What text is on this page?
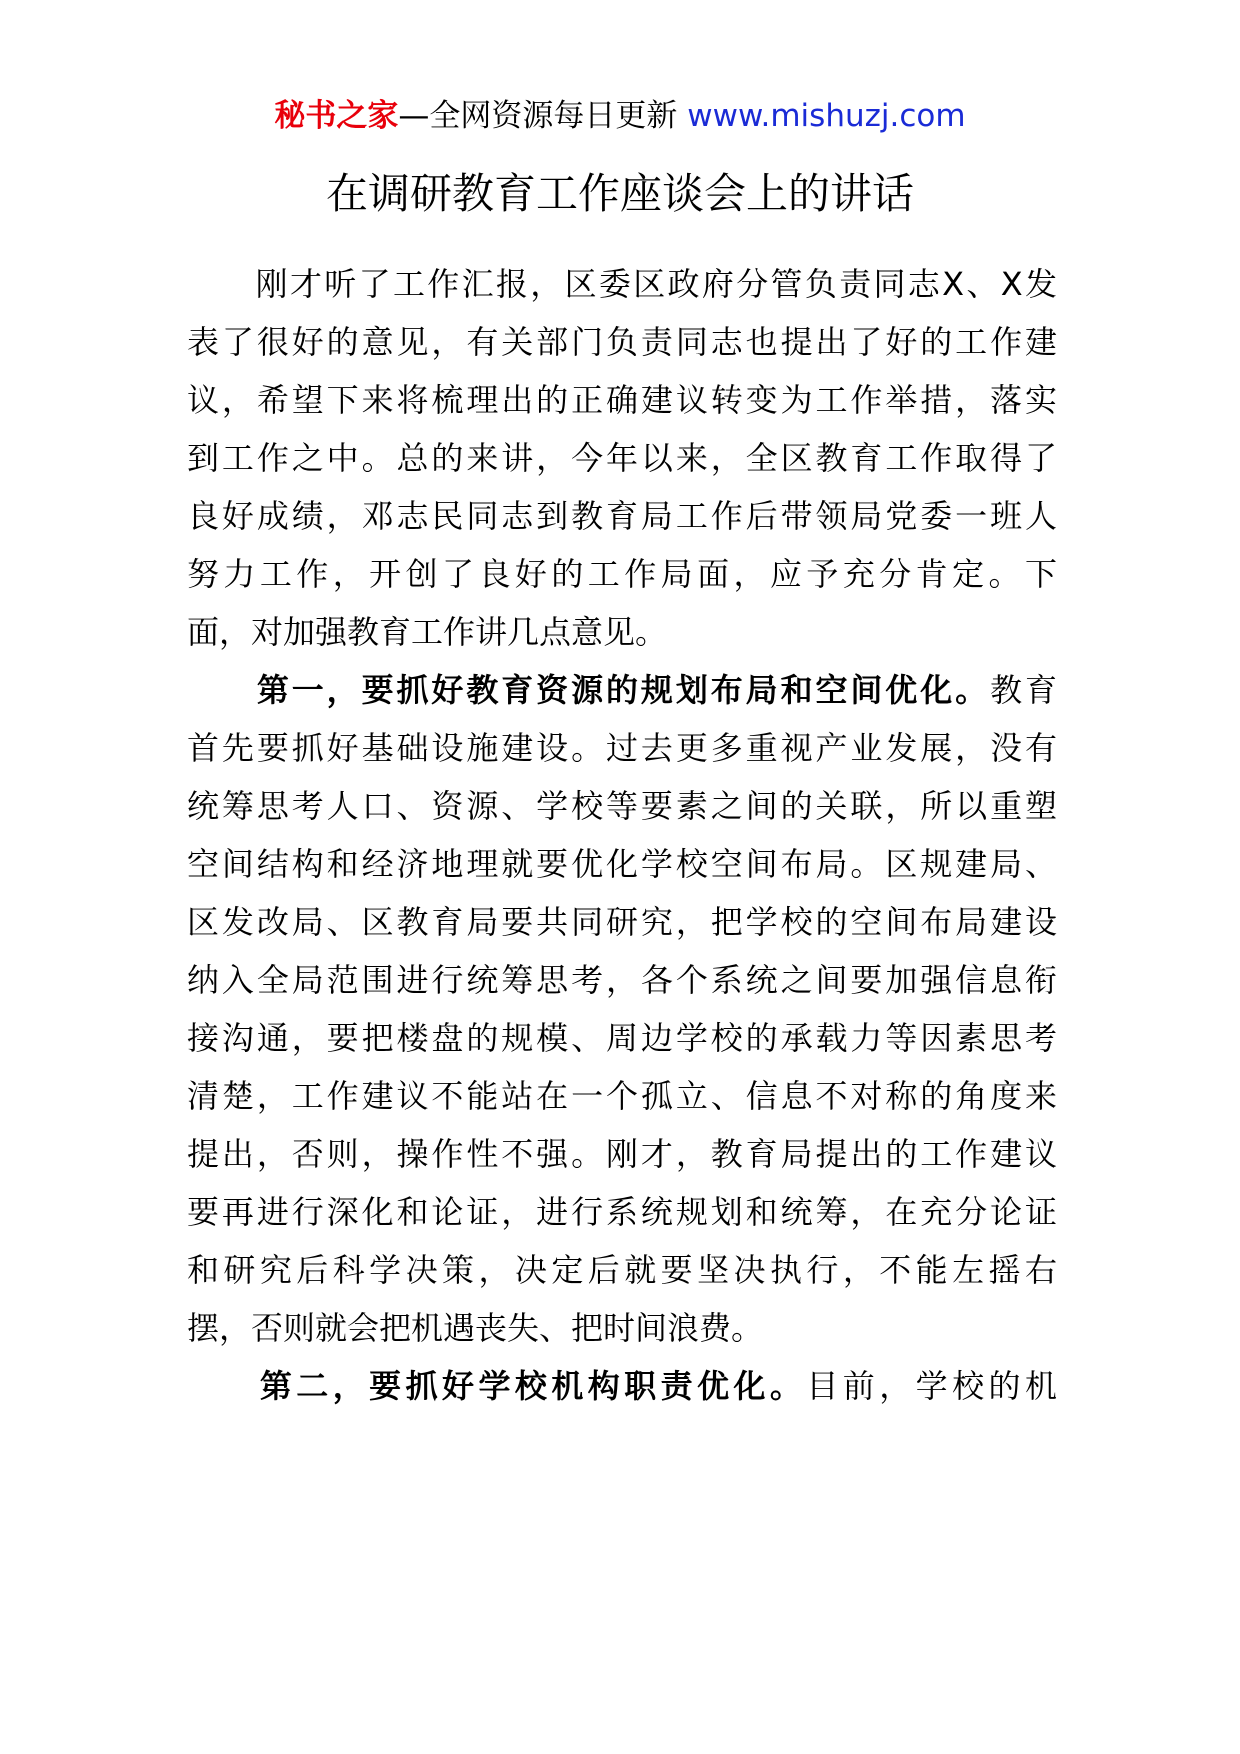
秘书之家—全网资源每日更新 www.mishuzj.com
在调研教育工作座谈会上的讲话
　　刚才听了工作汇报，区委区政府分管负责同志X、X发
表了很好的意见，有关部门负责同志也提出了好的工作建
议，希望下来将梳理出的正确建议转变为工作举措，落实
到工作之中。总的来讲，今年以来，全区教育工作取得了
良好成绩，邓志民同志到教育局工作后带领局党委一班人
努力工作，开创了良好的工作局面，应予充分肯定。下
面，对加强教育工作讲几点意见。
　　第一，要抓好教育资源的规划布局和空间优化。教育
首先要抓好基础设施建设。过去更多重视产业发展，没有
统筹思考人口、资源、学校等要素之间的关联，所以重塑
空间结构和经济地理就要优化学校空间布局。区规建局、
区发改局、区教育局要共同研究，把学校的空间布局建设
纳入全局范围进行统筹思考，各个系统之间要加强信息衔
接沟通，要把楼盘的规模、周边学校的承载力等因素思考
清楚，工作建议不能站在一个孤立、信息不对称的角度来
提出，否则，操作性不强。刚才，教育局提出的工作建议
要再进行深化和论证，进行系统规划和统筹，在充分论证
和研究后科学决策，决定后就要坚决执行，不能左摇右
摆，否则就会把机遇丧失、把时间浪费。
　　第二，要抓好学校机构职责优化。目前，学校的机
